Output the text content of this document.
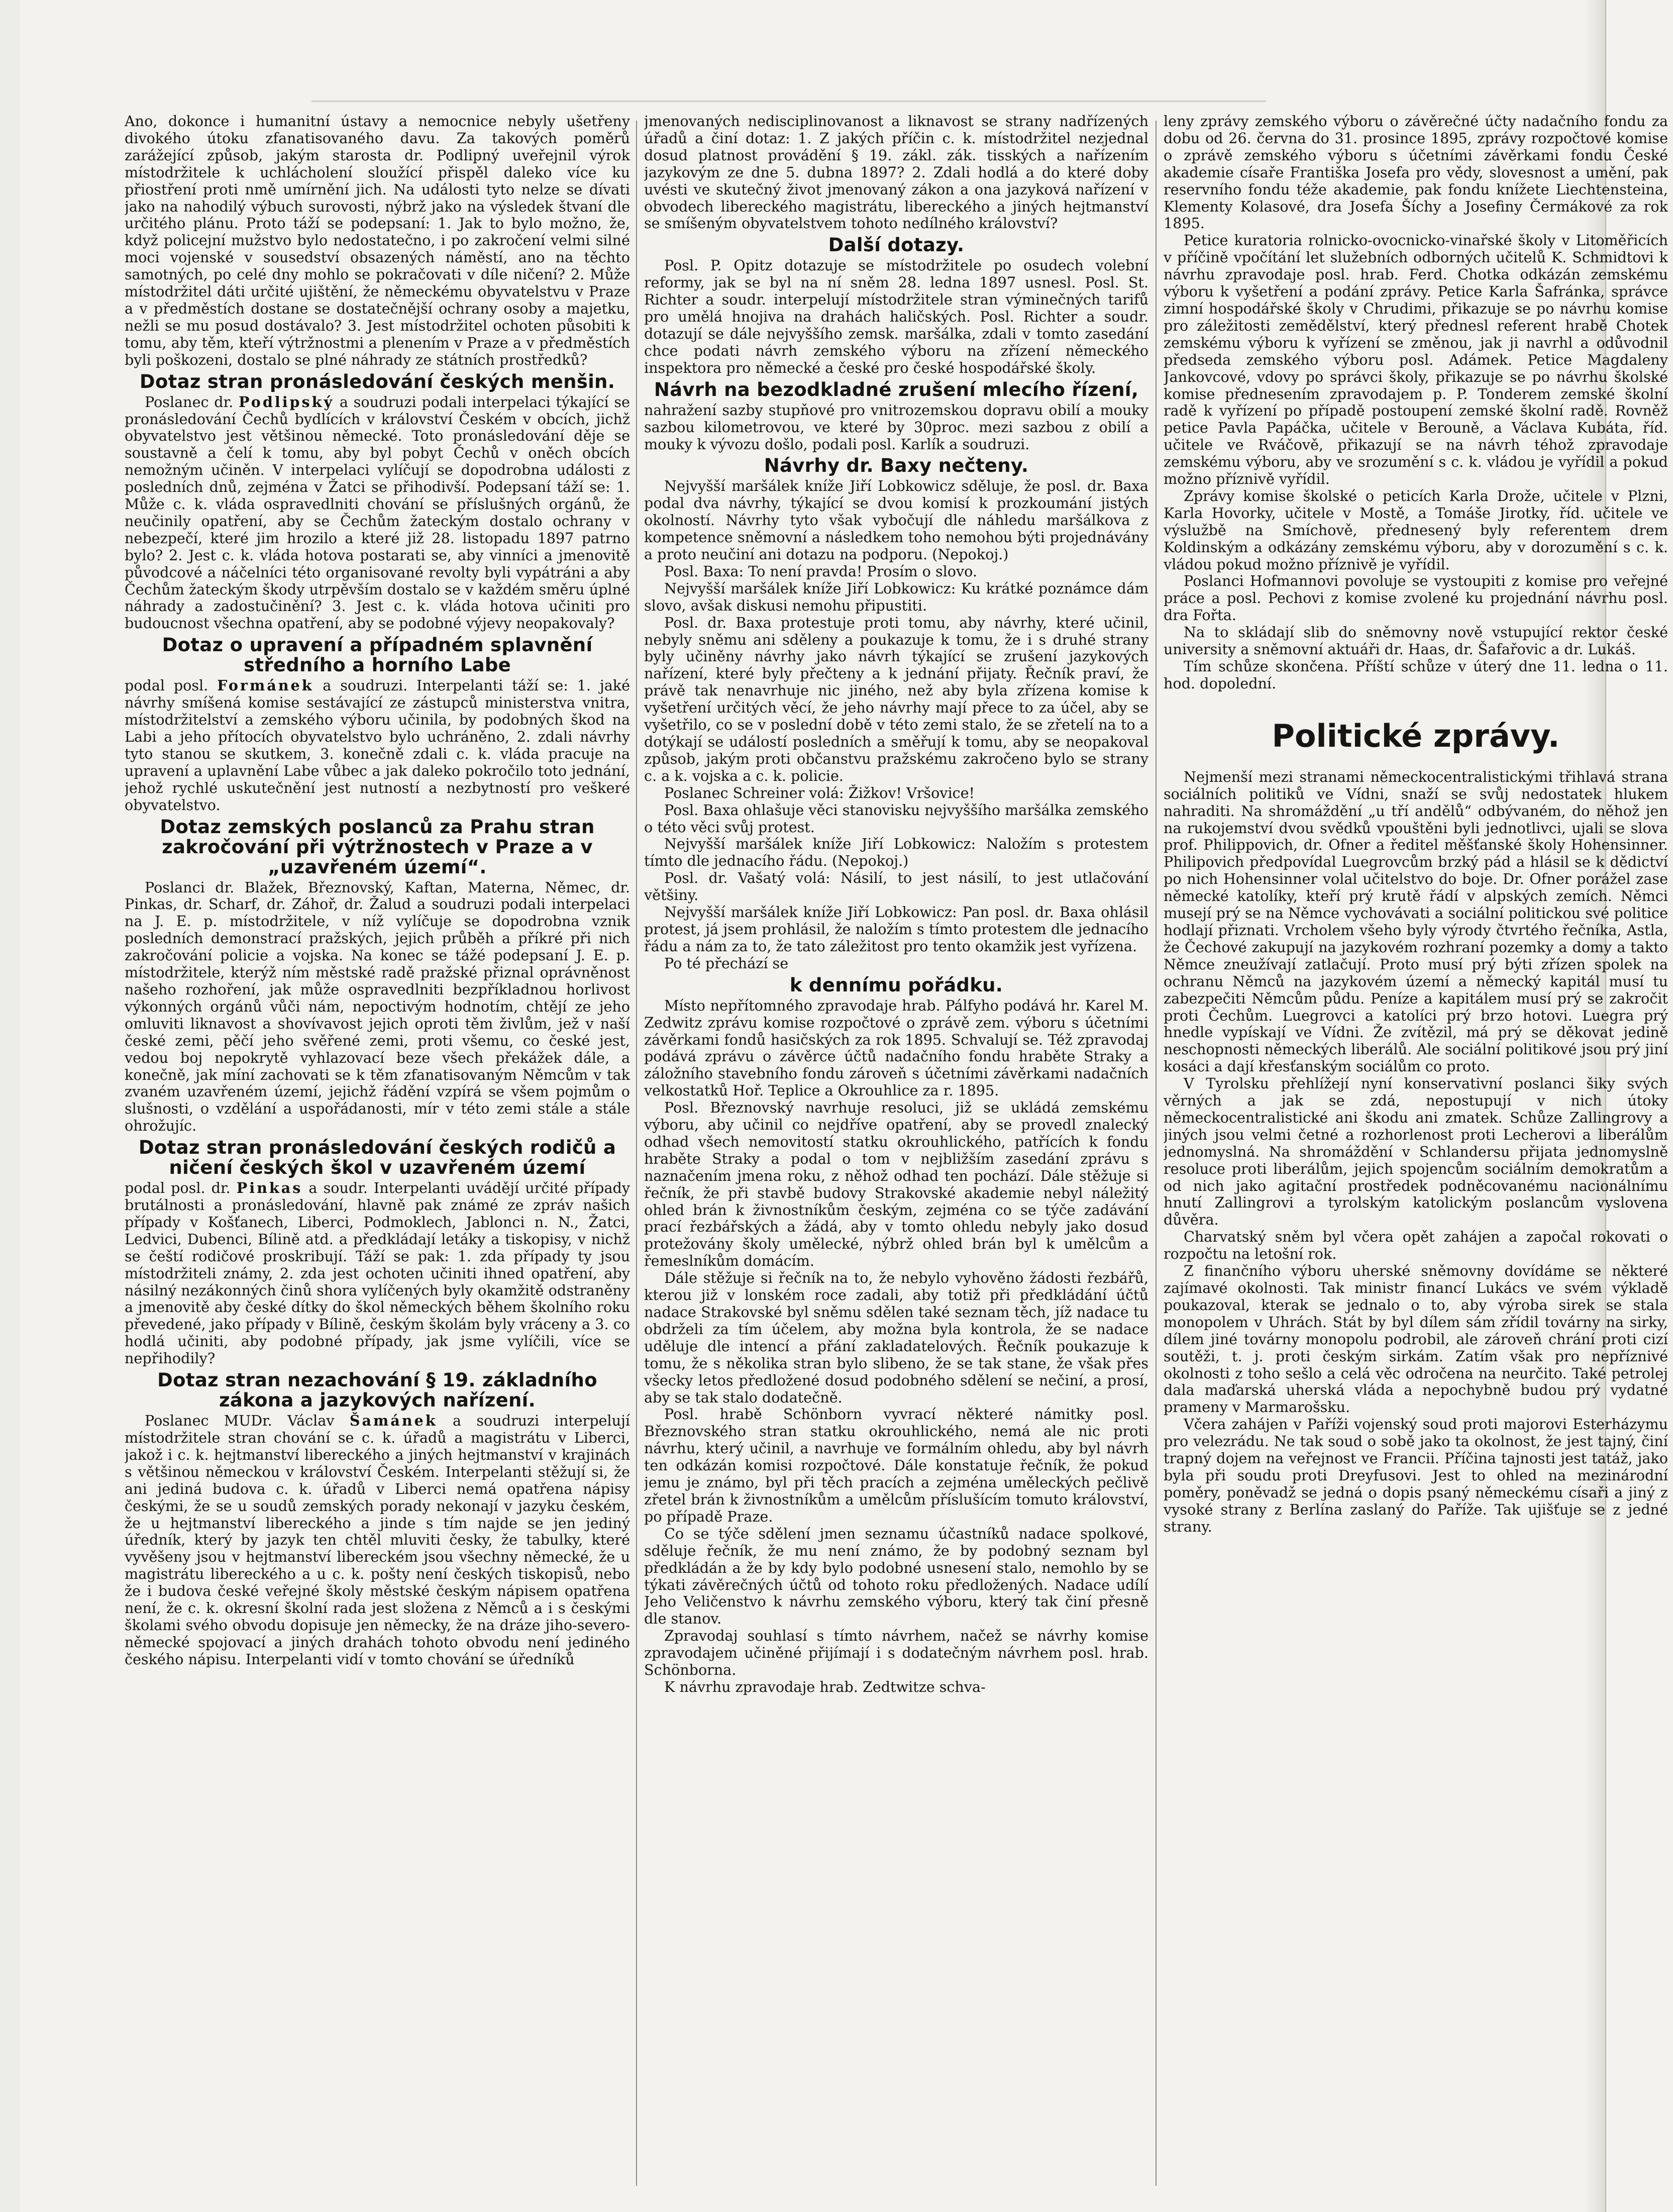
Ano, dokonce i humanitní ústavy a nemocnice nebyly ušetřeny divokého útoku zfanatisovaného davu. Za takových poměrů zarážející způsob, jakým starosta dr. Podlipný uveřejnil výrok místodržitele k uchlácholení sloužící přispěl daleko více ku přiostření proti nmě umírnění jich. Na události tyto nelze se dívati jako na nahodilý výbuch surovosti, nýbrž jako na výsledek štvaní dle určitého plánu. Proto táží se podepsaní: 1. Jak to bylo možno, že, když policejní mužstvo bylo nedostatečno, i po zakročení velmi silné moci vojenské v sousedství obsazených náměstí, ano na těchto samotných, po celé dny mohlo se pokračovati v díle ničení? 2. Může místodržitel dáti určité ujištění, že německému obyvatelstvu v Praze a v předměstích dostane se dostatečnější ochrany osoby a majetku, nežli se mu posud dostávalo? 3. Jest místodržitel ochoten působiti k tomu, aby těm, kteří výtržnostmi a plenením v Praze a v předměstích byli poškozeni, dostalo se plné náhrady ze státních prostředků?

Dotaz stran pronásledování českých menšin.

Poslanec dr. Podlipský a soudruzi podali interpelaci týkající se pronásledování Čechů bydlících v království Českém v obcích, jichž obyvatelstvo jest většinou německé. Toto pronásledování děje se soustavně a čelí k tomu, aby byl pobyt Čechů v oněch obcích nemožným učiněn. V interpelaci vylíčují se dopodrobna události z posledních dnů, zejména v Žatci se přihodivší. Podepsaní táží se: 1. Může c. k. vláda ospravedlniti chování se příslušných orgánů, že neučinily opatření, aby se Čechům žateckým dostalo ochrany v nebezpečí, které jim hrozilo a které již 28. listopadu 1897 patrno bylo? 2. Jest c. k. vláda hotova postarati se, aby vinníci a jmenovitě původcové a náčelníci této organisované revolty byli vypátráni a aby Čechům žateckým škody utrpěvším dostalo se v každém směru úplné náhrady a zadostučinění? 3. Jest c. k. vláda hotova učiniti pro budoucnost všechna opatření, aby se podobné výjevy neopakovaly?

Dotaz o upravení a případném splavnění středního a horního Labe

podal posl. Formánek a soudruzi. Interpelanti táží se: 1. jaké návrhy smíšená komise sestávající ze zástupců ministerstva vnitra, místodržitelství a zemského výboru učinila, by podobných škod na Labi a jeho přítocích obyvatelstvo bylo uchráněno, 2. zdali návrhy tyto stanou se skutkem, 3. konečně zdali c. k. vláda pracuje na upravení a uplavnění Labe vůbec a jak daleko pokročilo toto jednání, jehož rychlé uskutečnění jest nutností a nezbytností pro veškeré obyvatelstvo.

Dotaz zemských poslanců za Prahu stran zakročování při výtržnostech v Praze a v „uzavřeném území“.

Poslanci dr. Blažek, Březnovský, Kaftan, Materna, Němec, dr. Pinkas, dr. Scharf, dr. Záhoř, dr. Žalud a soudruzi podali interpelaci na J. E. p. místodržitele, v níž vylíčuje se dopodrobna vznik posledních demonstrací pražských, jejich průběh a příkré při nich zakročování policie a vojska. Na konec se tážé podepsaní J. E. p. místodržitele, kterýž ním městské radě pražské přiznal oprávněnost našeho rozhoření, jak může ospravedlniti bezpříkladnou horlivost výkonných orgánů vůči nám, nepoctivým hodnotím, chtějí ze jeho omluviti liknavost a shovívavost jejich oproti těm živlům, jež v naší české zemi, pěčí jeho svěřené zemi, proti všemu, co české jest, vedou boj nepokrytě vyhlazovací beze všech překážek dále, a konečně, jak míní zachovati se k těm zfanatisovaným Němcům v tak zvaném uzavřeném území, jejichž řádění vzpírá se všem pojmům o slušnosti, o vzdělání a uspořádanosti, mír v této zemi stále a stále ohrožujíc.

Dotaz stran pronásledování českých rodičů a ničení českých škol v uzavřeném území

podal posl. dr. Pinkas a soudr. Interpelanti uvádějí určité případy brutálnosti a pronásledování, hlavně pak známé ze zpráv našich případy v Košťanech, Liberci, Podmoklech, Jablonci n. N., Žatci, Ledvici, Dubenci, Bílině atd. a předkládají letáky a tiskopisy, v nichž se čeští rodičové proskribují. Táží se pak: 1. zda případy ty jsou místodržiteli známy, 2. zda jest ochoten učiniti ihned opatření, aby násilný nezákonných činů shora vylíčených byly okamžitě odstraněny a jmenovitě aby české dítky do škol německých během školního roku převedené, jako případy v Bílině, českým školám byly vráceny a 3. co hodlá učiniti, aby podobné případy, jak jsme vylíčili, více se nepřihodily?

Dotaz stran nezachování § 19. základního zákona a jazykových nařízení.

Poslanec MUDr. Václav Šamánek a soudruzi interpelují místodržitele stran chování se c. k. úřadů a magistrátu v Liberci, jakož i c. k. hejtmanství libereckého a jiných hejtmanství v krajinách s většinou německou v království Českém. Interpelanti stěžují si, že ani jediná budova c. k. úřadů v Liberci nemá opatřena nápisy českými, že se u soudů zemských porady nekonají v jazyku českém, že u hejtmanství libereckého a jinde s tím najde se jen jediný úředník, který by jazyk ten chtěl mluviti česky, že tabulky, které vyvěšeny jsou v hejtmanství libereckém jsou všechny německé, že u magistrátu libereckého a u c. k. pošty není českých tiskopisů, nebo že i budova české veřejné školy městské českým nápisem opatřena není, že c. k. okresní školní rada jest složena z Němců a i s českými školami svého obvodu dopisuje jen německy, že na dráze jiho-severo-německé spojovací a jiných drahách tohoto obvodu není jediného českého nápisu. Interpelanti vidí v tomto chování se úředníků

jmenovaných nedisciplinovanost a liknavost se strany nadřízených úřadů a činí dotaz: 1. Z jakých příčin c. k. místodržitel nezjednal dosud platnost provádění § 19. zákl. zák. tisských a nařízením jazykovým ze dne 5. dubna 1897? 2. Zdali hodlá a do které doby uvésti ve skutečný život jmenovaný zákon a ona jazyková nařízení v obvodech libereckého magistrátu, libereckého a jiných hejtmanství se smíšeným obyvatelstvem tohoto nedílného království?

Další dotazy.

Posl. P. Opitz dotazuje se místodržitele po osudech volební reformy, jak se byl na ní sněm 28. ledna 1897 usnesl. Posl. St. Richter a soudr. interpelují místodržitele stran výminečných tarifů pro umělá hnojiva na drahách haličských. Posl. Richter a soudr. dotazují se dále nejvyššího zemsk. maršálka, zdali v tomto zasedání chce podati návrh zemského výboru na zřízení německého inspektora pro německé a české pro české hospodářské školy.

Návrh na bezodkladné zrušení mlecího řízení,

nahražení sazby stupňové pro vnitrozemskou dopravu obilí a mouky sazbou kilometrovou, ve které by 30proc. mezi sazbou z obilí a mouky k vývozu došlo, podali posl. Karlík a soudruzi.

Návrhy dr. Baxy nečteny.

Nejvyšší maršálek kníže Jiří Lobkowicz sděluje, že posl. dr. Baxa podal dva návrhy, týkající se dvou komisí k prozkoumání jistých okolností. Návrhy tyto však vybočují dle náhledu maršálkova z kompetence sněmovní a následkem toho nemohou býti projednávány a proto neučiní ani dotazu na podporu. (Nepokoj.)

Posl. Baxa: To není pravda! Prosím o slovo.

Nejvyšší maršálek kníže Jiří Lobkowicz: Ku krátké poznámce dám slovo, avšak diskusi nemohu připustiti.

Posl. dr. Baxa protestuje proti tomu, aby návrhy, které učinil, nebyly sněmu ani sděleny a poukazuje k tomu, že i s druhé strany byly učiněny návrhy jako návrh týkající se zrušení jazykových nařízení, které byly přečteny a k jednání přijaty. Řečník praví, že právě tak nenavrhuje nic jiného, než aby byla zřízena komise k vyšetření určitých věcí, že jeho návrhy mají přece to za účel, aby se vyšetřilo, co se v poslední době v této zemi stalo, že se zřetelí na to a dotýkají se událostí posledních a směřují k tomu, aby se neopakoval způsob, jakým proti občanstvu pražskému zakročeno bylo se strany c. a k. vojska a c. k. policie.

Poslanec Schreiner volá: Žižkov! Vršovice!

Posl. Baxa ohlašuje věci stanovisku nejvyššího maršálka zemského o této věci svůj protest.

Nejvyšší maršálek kníže Jiří Lobkowicz: Naložím s protestem tímto dle jednacího řádu. (Nepokoj.)

Posl. dr. Vašatý volá: Násilí, to jest násilí, to jest utlačování většiny.

Nejvyšší maršálek kníže Jiří Lobkowicz: Pan posl. dr. Baxa ohlásil protest, já jsem prohlásil, že naložím s tímto protestem dle jednacího řádu a nám za to, že tato záležitost pro tento okamžik jest vyřízena.

Po té přechází se

k dennímu pořádku.

Místo nepřítomného zpravodaje hrab. Pálfyho podává hr. Karel M. Zedwitz zprávu komise rozpočtové o zprávě zem. výboru s účetními závěrkami fondů hasičských za rok 1895. Schvalují se. Též zpravodaj podává zprávu o závěrce účtů nadačního fondu hraběte Straky a záložního stavebního fondu zároveň s účetními závěrkami nadačních velkostatků Hoř. Teplice a Okrouhlice za r. 1895.

Posl. Březnovský navrhuje resoluci, již se ukládá zemskému výboru, aby učinil co nejdříve opatření, aby se provedl znalecký odhad všech nemovitostí statku okrouhlického, patřících k fondu hraběte Straky a podal o tom v nejbližším zasedání zprávu s naznačením jmena roku, z něhož odhad ten pochází. Dále stěžuje si řečník, že při stavbě budovy Strakovské akademie nebyl náležitý ohled brán k živnostníkům českým, zejména co se týče zadávání prací řezbářských a žádá, aby v tomto ohledu nebyly jako dosud protežovány školy umělecké, nýbrž ohled brán byl k umělcům a řemeslníkům domácím.

Dále stěžuje si řečník na to, že nebylo vyhověno žádosti řezbářů, kterou již v lonském roce zadali, aby totiž při předkládání účtů nadace Strakovské byl sněmu sdělen také seznam těch, jíž nadace tu obdrželi za tím účelem, aby možna byla kontrola, že se nadace uděluje dle intencí a přání zakladatelových. Řečník poukazuje k tomu, že s několika stran bylo slibeno, že se tak stane, že však přes všecky letos předložené dosud podobného sdělení se nečiní, a prosí, aby se tak stalo dodatečně.

Posl. hrabě Schönborn vyvrací některé námitky posl. Březnovského stran statku okrouhlického, nemá ale nic proti návrhu, který učinil, a navrhuje ve formálním ohledu, aby byl návrh ten odkázán komisi rozpočtové. Dále konstatuje řečník, že pokud jemu je známo, byl při těch pracích a zejména uměleckých pečlivě zřetel brán k živnostníkům a umělcům příslušícím tomuto království, po případě Praze.

Co se týče sdělení jmen seznamu účastníků nadace spolkové, sděluje řečník, že mu není známo, že by podobný seznam byl předkládán a že by kdy bylo podobné usnesení stalo, nemohlo by se týkati závěrečných účtů od tohoto roku předložených. Nadace udílí Jeho Veličenstvo k návrhu zemského výboru, který tak činí přesně dle stanov.

Zpravodaj souhlasí s tímto návrhem, načež se návrhy komise zpravodajem učiněné přijímají i s dodatečným návrhem posl. hrab. Schönborna.

K návrhu zpravodaje hrab. Zedtwitze schva-

leny zprávy zemského výboru o závěrečné účty nadačního fondu za dobu od 26. června do 31. prosince 1895, zprávy rozpočtové komise o zprávě zemského výboru s účetními závěrkami fondu České akademie císaře Františka Josefa pro vědy, slovesnost a umění, pak reservního fondu téže akademie, pak fondu knížete Liechtensteina, Klementy Kolasové, dra Josefa Šíchy a Josefiny Čermákové za rok 1895.

Petice kuratoria rolnicko-ovocnicko-vinařské školy v Litoměřicích v příčině vpočítání let služebních odborných učitelů K. Schmidtovi k návrhu zpravodaje posl. hrab. Ferd. Chotka odkázán zemskému výboru k vyšetření a podání zprávy. Petice Karla Šafránka, správce zimní hospodářské školy v Chrudimi, přikazuje se po návrhu komise pro záležitosti zemědělství, který přednesl referent hrabě Chotek zemskému výboru k vyřízení se změnou, jak ji navrhl a odůvodnil předseda zemského výboru posl. Adámek. Petice Magdaleny Jankovcové, vdovy po správci školy, přikazuje se po návrhu školské komise přednesením zpravodajem p. P. Tonderem zemské školní radě k vyřízení po případě postoupení zemské školní radě. Rovněž petice Pavla Papáčka, učitele v Berouně, a Václava Kubáta, říd. učitele ve Rváčově, přikazují se na návrh téhož zpravodaje zemskému výboru, aby ve srozumění s c. k. vládou je vyřídil a pokud možno příznivě vyřídil.

Zprávy komise školské o peticích Karla Drože, učitele v Plzni, Karla Hovorky, učitele v Mostě, a Tomáše Jirotky, říd. učitele ve výslužbě na Smíchově, přednesený byly referentem drem Koldinským a odkázány zemskému výboru, aby v dorozumění s c. k. vládou pokud možno příznivě je vyřídil.

Poslanci Hofmannovi povoluje se vystoupiti z komise pro veřejné práce a posl. Pechovi z komise zvolené ku projednání návrhu posl. dra Fořta.

Na to skládají slib do sněmovny nově vstupující rektor české university a sněmovní aktuáři dr. Haas, dr. Šafařovic a dr. Lukáš.

Tím schůze skončena. Příští schůze v úterý dne 11. ledna o 11. hod. dopolední.

Politické zprávy.

Nejmenší mezi stranami německocentralistickými třihlavá strana sociálních politiků ve Vídni, snaží se svůj nedostatek hlukem nahraditi. Na shromáždění „u tří andělů“ odbývaném, do něhož jen na rukojemství dvou svědků vpouštěni byli jednotlivci, ujali se slova prof. Philippovich, dr. Ofner a ředitel měšťanské školy Hohensinner. Philipovich předpovídal Luegrovcům brzký pád a hlásil se k dědictví po nich Hohensinner volal učitelstvo do boje. Dr. Ofner porážel zase německé katolíky, kteří prý krutě řádí v alpských zemích. Němci musejí prý se na Němce vychovávati a sociální politickou své politice hodlají přiznati. Vrcholem všeho byly výrody čtvrtého řečníka, Astla, že Čechové zakupují na jazykovém rozhraní pozemky a domy a takto Němce zneužívají zatlačují. Proto musí prý býti zřízen spolek na ochranu Němců na jazykovém území a německý kapitál musí tu zabezpečiti Němcům půdu. Peníze a kapitálem musí prý se zakročit proti Čechům. Luegrovci a katolíci prý brzo hotovi. Luegra prý hnedle vypískají ve Vídni. Že zvítězil, má prý se děkovat jedině neschopnosti německých liberálů. Ale sociální politikové jsou prý jiní kosáci a dají křesťanským sociálům co proto.

V Tyrolsku přehlížejí nyní konservativní poslanci šiky svých věrných a jak se zdá, nepostupují v nich útoky německocentralistické ani škodu ani zmatek. Schůze Zallingrovy a jiných jsou velmi četné a rozhorlenost proti Lecherovi a liberálům jednomyslná. Na shromáždění v Schlandersu přijata jednomyslně resoluce proti liberálům, jejich spojencům sociálním demokratům a od nich jako agitační prostředek podněcovanému nacionálnímu hnutí Zallingrovi a tyrolským katolickým poslancům vyslovena důvěra.

Charvatský sněm byl včera opět zahájen a započal rokovati o rozpočtu na letošní rok.

Z finančního výboru uherské sněmovny dovídáme se některé zajímavé okolnosti. Tak ministr financí Lukács ve svém výkladě poukazoval, kterak se jednalo o to, aby výroba sirek se stala monopolem v Uhrách. Stát by byl dílem sám zřídil továrny na sirky, dílem jiné továrny monopolu podrobil, ale zároveň chrání proti cizí soutěži, t. j. proti českým sirkám. Zatím však pro nepříznivé okolnosti z toho sešlo a celá věc odročena na neurčito. Také petrolej dala maďarská uherská vláda a nepochybně budou prý vydatné prameny v Marmarošsku.

Včera zahájen v Paříži vojenský soud proti majorovi Esterházymu pro velezrádu. Ne tak soud o sobě jako ta okolnost, že jest tajný, činí trapný dojem na veřejnost ve Francii. Příčina tajnosti jest tatáž, jako byla při soudu proti Dreyfusovi. Jest to ohled na mezinárodní poměry, poněvadž se jedná o dopis psaný německému císaři a jiný z vysoké strany z Berlína zaslaný do Paříže. Tak ujišťuje se z jedné strany.
